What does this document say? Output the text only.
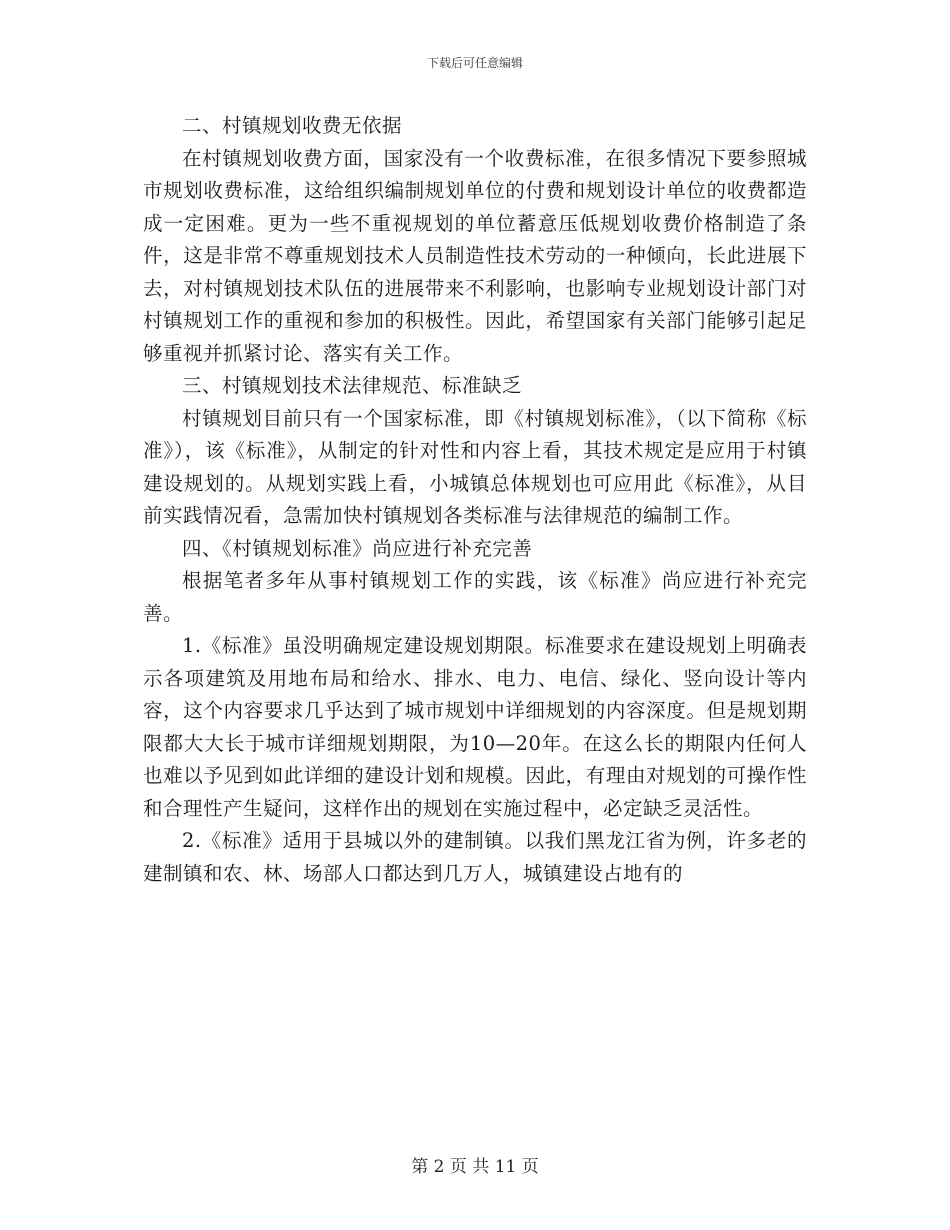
下载后可任意编辑

二、村镇规划收费无依据

在村镇规划收费方面，国家没有一个收费标准，在很多情况下要参照城市规划收费标准，这给组织编制规划单位的付费和规划设计单位的收费都造成一定困难。更为一些不重视规划的单位蓄意压低规划收费价格制造了条件，这是非常不尊重规划技术人员制造性技术劳动的一种倾向，长此进展下去，对村镇规划技术队伍的进展带来不利影响，也影响专业规划设计部门对村镇规划工作的重视和参加的积极性。因此，希望国家有关部门能够引起足够重视并抓紧讨论、落实有关工作。

三、村镇规划技术法律规范、标准缺乏

村镇规划目前只有一个国家标准，即《村镇规划标准》，（以下简称《标准》），该《标准》，从制定的针对性和内容上看，其技术规定是应用于村镇建设规划的。从规划实践上看，小城镇总体规划也可应用此《标准》，从目前实践情况看，急需加快村镇规划各类标准与法律规范的编制工作。

四、《村镇规划标准》尚应进行补充完善

根据笔者多年从事村镇规划工作的实践，该《标准》尚应进行补充完善。

1.《标准》虽没明确规定建设规划期限。标准要求在建设规划上明确表示各项建筑及用地布局和给水、排水、电力、电信、绿化、竖向设计等内容，这个内容要求几乎达到了城市规划中详细规划的内容深度。但是规划期限都大大长于城市详细规划期限，为10—20年。在这么长的期限内任何人也难以予见到如此详细的建设计划和规模。因此，有理由对规划的可操作性和合理性产生疑问，这样作出的规划在实施过程中，必定缺乏灵活性。

2.《标准》适用于县城以外的建制镇。以我们黑龙江省为例，许多老的建制镇和农、林、场部人口都达到几万人，城镇建设占地有的

第 2 页 共 11 页
